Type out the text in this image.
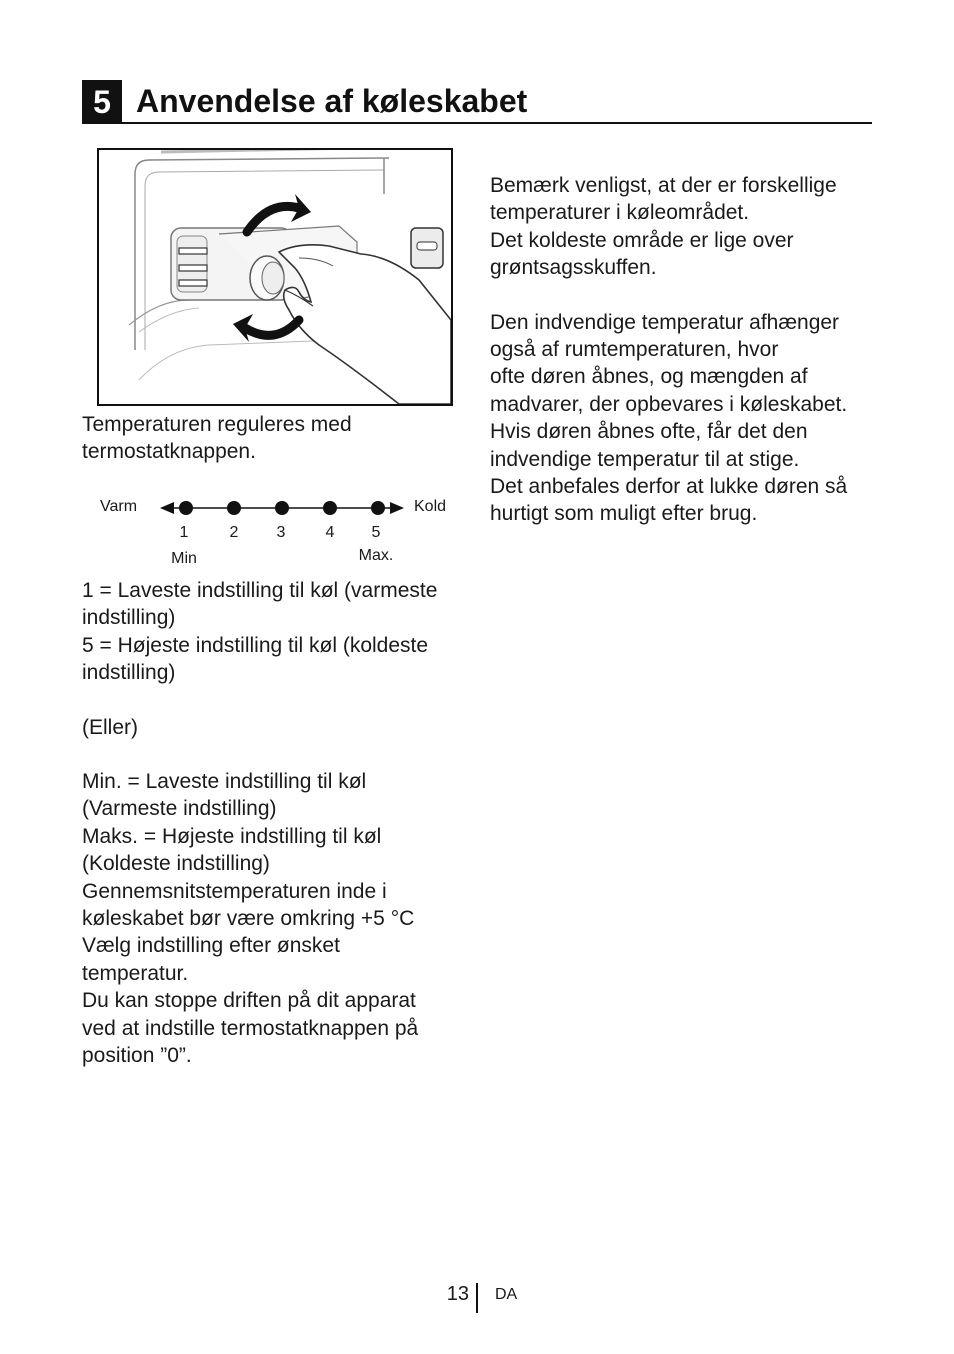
5 Anvendelse af køleskabet

Temperaturen reguleres med

termostatknappen.

Varm	Kold
1	2 3	4 5
Min	Max.

1 = Laveste indstilling til køl (varmeste

indstilling)

5 = Højeste indstilling til køl (koldeste

indstilling)

(Eller)

Min. = Laveste indstilling til køl

(Varmeste indstilling)

Maks. = Højeste indstilling til køl

(Koldeste indstilling)

Gennemsnitstemperaturen inde i

køleskabet bør være omkring +5 °C

Vælg indstilling efter ønsket

temperatur.

Du kan stoppe driften på dit apparat

ved at indstille termostatknappen på

position ”0”.

Bemærk venligst, at der er forskellige

temperaturer i køleområdet.

Det koldeste område er lige over

grøntsagsskuffen.

Den indvendige temperatur afhænger

også af rumtemperaturen, hvor

ofte døren åbnes, og mængden af

madvarer, der opbevares i køleskabet.

Hvis døren åbnes ofte, får det den

indvendige temperatur til at stige.

Det anbefales derfor at lukke døren så

hurtigt som muligt efter brug.

13 DA
